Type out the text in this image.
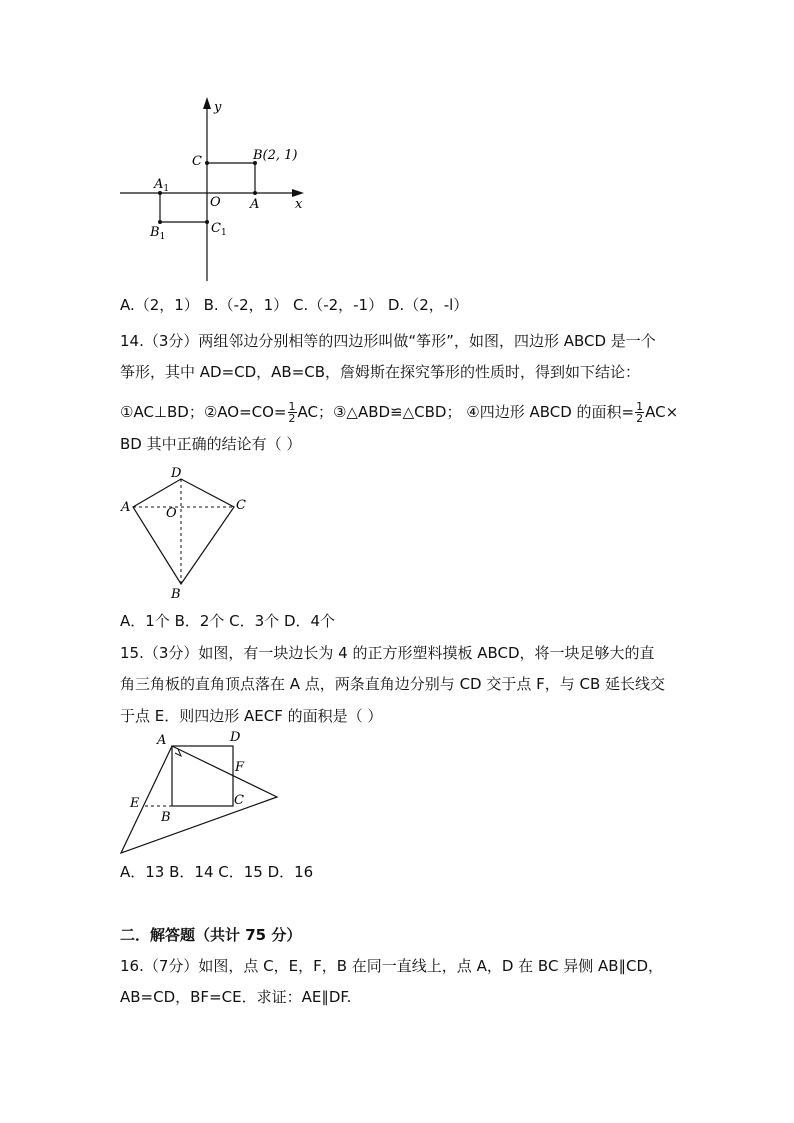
y
x
C	B(2, 1)
O A
$A_1$
$B_1$
$C_1$
A.（2，1） B.（-2，1） C.（-2，-1） D.（2，-l）
14.（3分）两组邻边分别相等的四边形叫做“筝形”，如图，四边形 ABCD 是一个
筝形，其中 AD=CD，AB=CB，詹姆斯在探究筝形的性质时，得到如下结论：
①AC⊥BD；②AO=CO= $\frac{1}{2}$ AC；③△ABD≌△CBD； ④四边形 ABCD 的面积= $\frac{1}{2} AC\times$
BD 其中正确的结论有（ ）
D
A	C
O
B
A．1个 B．2个 C．3个 D．4个
15.（3分）如图，有一块边长为 4 的正方形塑料摸板 ABCD，将一块足够大的直
角三角板的直角顶点落在 A 点，两条直角边分别与 CD 交于点 F，与 CB 延长线交
于点 E．则四边形 AECF 的面积是（ ）
A	D
F
C
E
B
A．13 B．14 C．15 D．16
二．解答题（共计 75 分）
16.（7分）如图，点 C，E，F，B 在同一直线上，点 A，D 在 BC 异侧 AB∥CD，
AB=CD，BF=CE．求证：AE∥DF.
